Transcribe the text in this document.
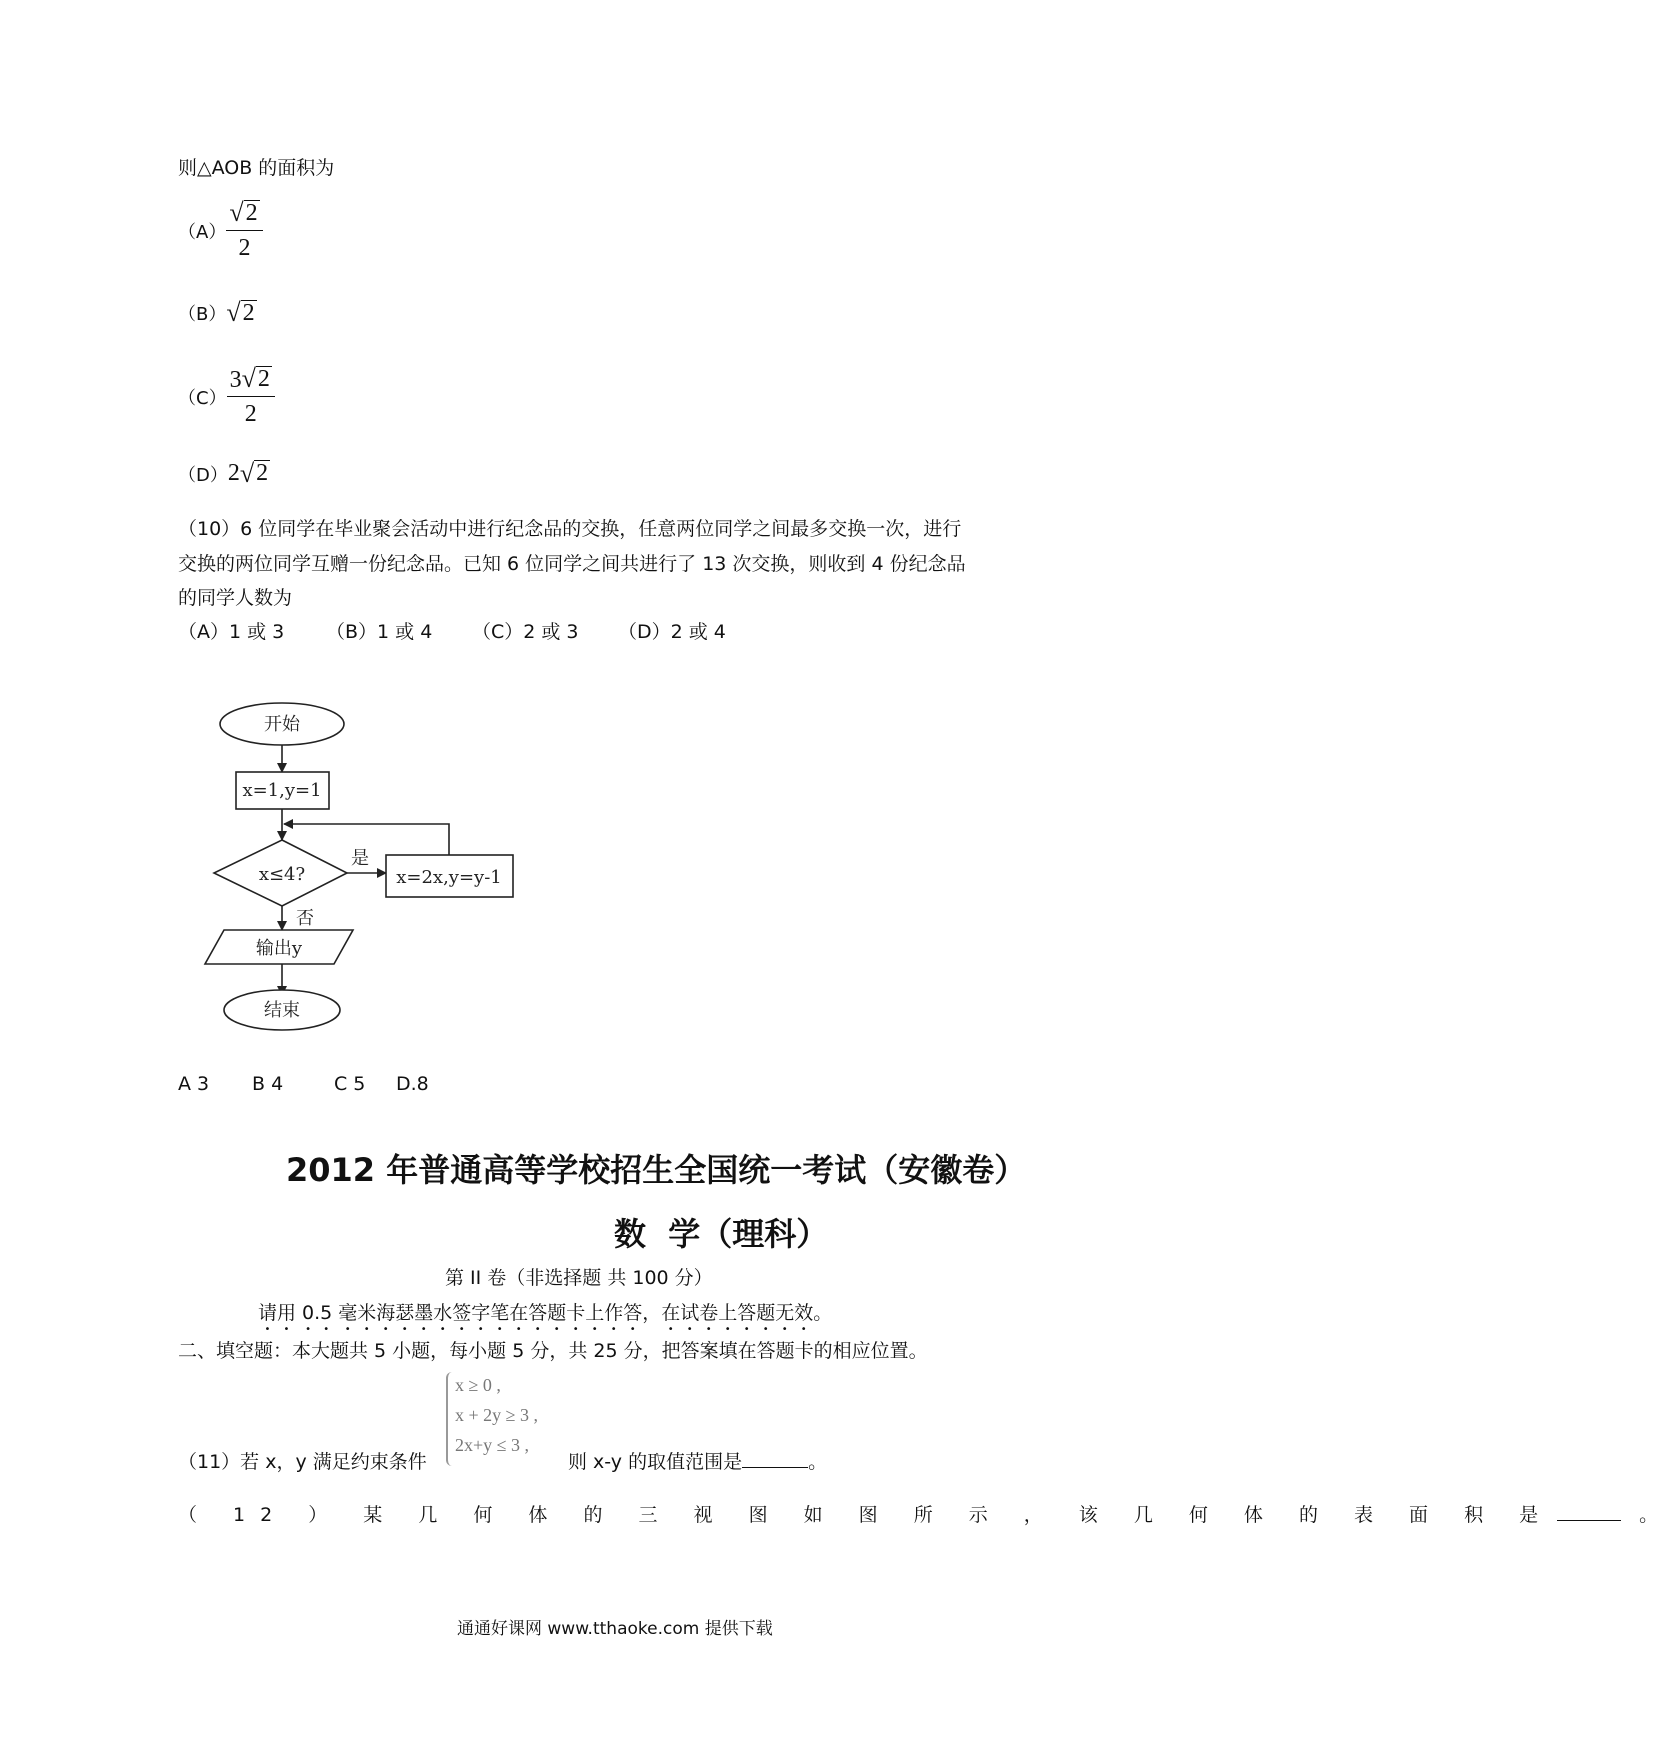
则△AOB 的面积为
$(A) \frac{√ 2}{2}$
（B） √ 2
$(C) \frac{3 √ 2}{2}$
（D） 2 √ 2
（10）6 位同学在毕业聚会活动中进行纪念品的交换，任意两位同学之间最多交换一次，进行
交换的两位同学互赠一份纪念品。已知 6 位同学之间共进行了 13 次交换，则收到 4 份纪念品
的同学人数为
（A）1 或 3	（B）1 或 4	（C）2 或 3	（D）2 或 4
开始
x=1,y=1
x≤4?
是
x=2x,y=y-1
否
输出y
结束
A 3	B 4	C 5	D.8
2012 年普通高等学校招生全国统一考试（安徽卷）
数  学（理科）
第 II 卷（非选择题 共 100 分）
请用 0.5 毫米海瑟墨水签字笔在答题卡上作答，在试卷上答题无效。
二、填空题：本大题共 5 小题，每小题 5 分，共 25 分，把答案填在答题卡的相应位置。
x ≥ 0 ,
x + 2y ≥ 3 ,
2x+y ≤ 3 ,
（11）若 x，y 满足约束条件	则 x-y 的取值范围是	。
（ 12 ） 某 几 何 体 的 三 视 图 如 图 所 示 ， 该 几 何 体 的 表 面 积 是	。
通通好课网 www.tthaoke.com 提供下载
